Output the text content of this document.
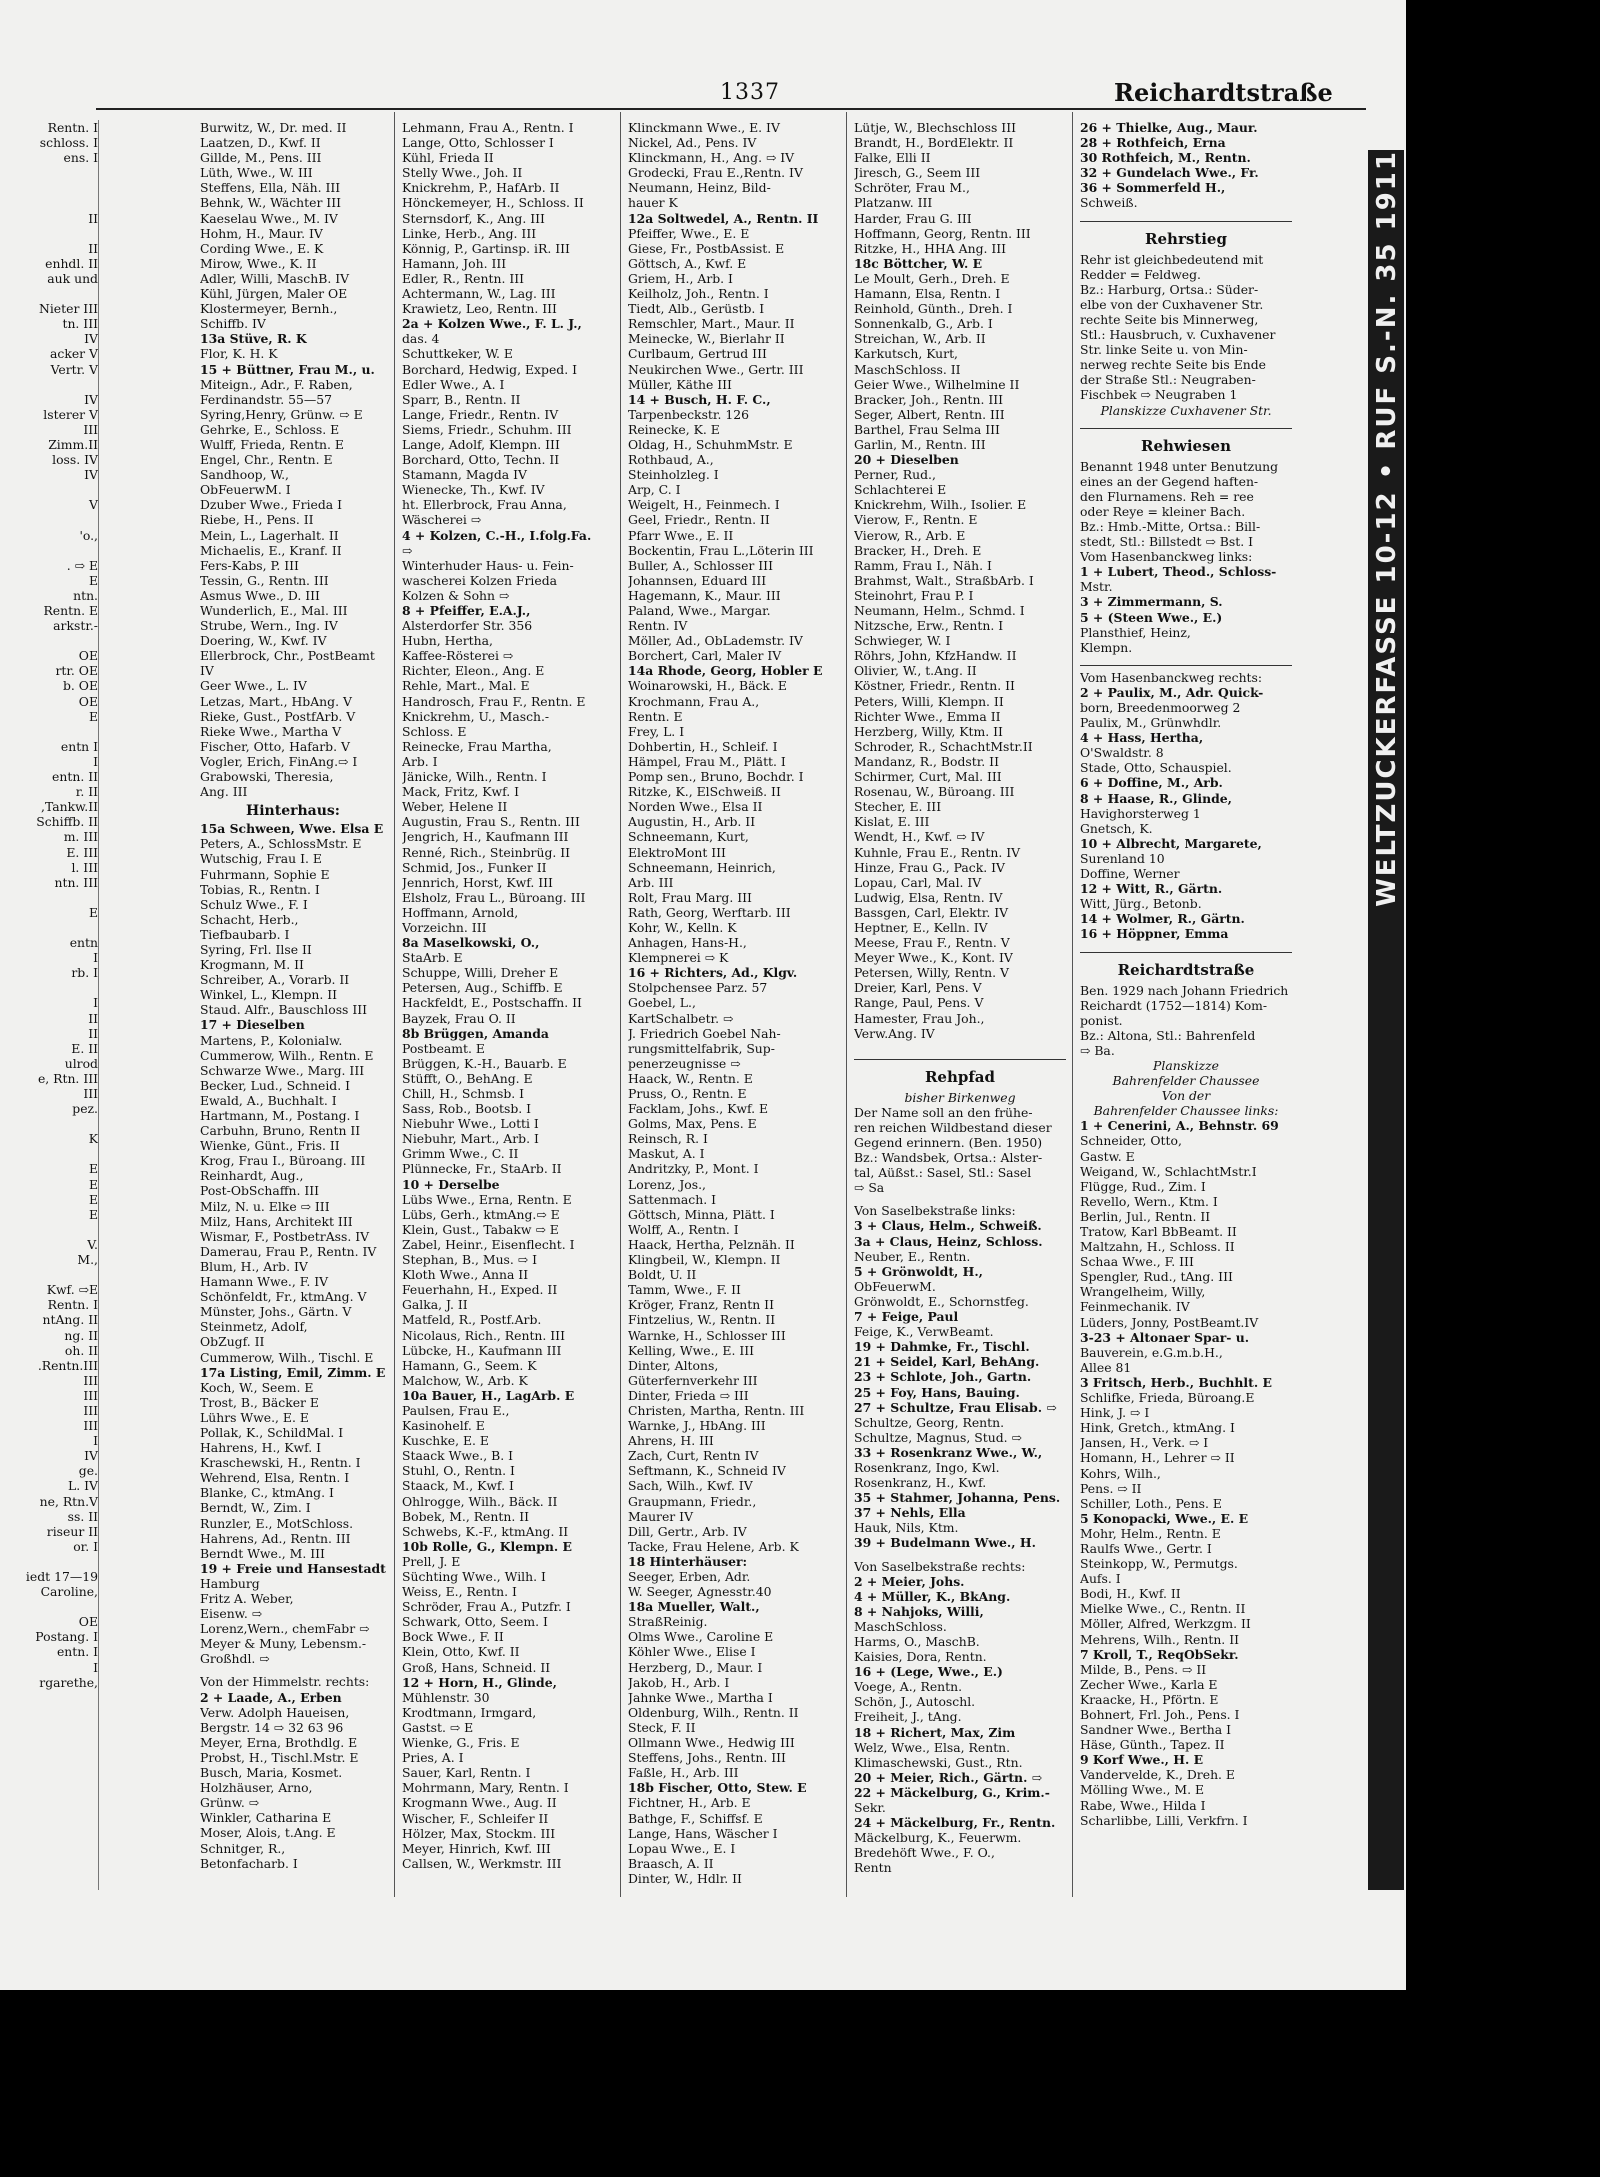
1337	Reichardtstraße
Rentn. I
schloss. I
ens. I

II

II
enhdl. II
auk und

Nieter III
tn. III
IV
acker V
Vertr. V

IV
lsterer V
III
Zimm.II
loss. IV
IV

V

'o.,

. ⇨ E
E
ntn.
Rentn. E
arkstr.-

OE
rtr. OE
b. OE
OE
E

entn I
I
entn. II
r. II
,Tankw.II
Schiffb. II
m. III
E. III
l. III
ntn. III

E

entn
I
rb. I

I
II
II
E. II
ulrod
e, Rtn. III
III
pez.

K

E
E
E
E

V.
M.,

Kwf. ⇨E
Rentn. I
ntAng. II
ng. II
oh. II
.Rentn.III
III
III
III
III
I
IV
ge.
L. IV
ne, Rtn.V
ss. II
riseur II
or. I

iedt 17—19
Caroline,

OE
Postang. I
entn. I
I
rgarethe,
Burwitz, W., Dr. med. II
Laatzen, D., Kwf. II
Gillde, M., Pens. III
Lüth, Wwe., W. III
Steffens, Ella, Näh. III
Behnk, W., Wächter III
Kaeselau Wwe., M. IV
Hohm, H., Maur. IV
Cording Wwe., E. K
Mirow, Wwe., K. II
Adler, Willi, MaschB. IV
Kühl, Jürgen, Maler OE
Klostermeyer, Bernh.,
Schiffb. IV
13a Stüve, R. K
Flor, K. H. K
15 + Büttner, Frau M., u.
Miteign., Adr., F. Raben,
Ferdinandstr. 55—57
Syring,Henry, Grünw. ⇨ E
Gehrke, E., Schloss. E
Wulff, Frieda, Rentn. E
Engel, Chr., Rentn. E
Sandhoop, W.,
ObFeuerwM. I
Dzuber Wwe., Frieda I
Riebe, H., Pens. II
Mein, L., Lagerhalt. II
Michaelis, E., Kranf. II
Fers-Kabs, P. III
Tessin, G., Rentn. III
Asmus Wwe., D. III
Wunderlich, E., Mal. III
Strube, Wern., Ing. IV
Doering, W., Kwf. IV
Ellerbrock, Chr., PostBeamt
IV
Geer Wwe., L. IV
Letzas, Mart., HbAng. V
Rieke, Gust., PostfArb. V
Rieke Wwe., Martha V
Fischer, Otto, Hafarb. V
Vogler, Erich, FinAng.⇨ I
Grabowski, Theresia,
Ang. III
Hinterhaus:
15a Schween, Wwe. Elsa E
Peters, A., SchlossMstr. E
Wutschig, Frau I. E
Fuhrmann, Sophie E
Tobias, R., Rentn. I
Schulz Wwe., F. I
Schacht, Herb.,
Tiefbaubarb. I
Syring, Frl. Ilse II
Krogmann, M. II
Schreiber, A., Vorarb. II
Winkel, L., Klempn. II
Staud. Alfr., Bauschloss III
17 + Dieselben
Martens, P., Kolonialw.
Cummerow, Wilh., Rentn. E
Schwarze Wwe., Marg. III
Becker, Lud., Schneid. I
Ewald, A., Buchhalt. I
Hartmann, M., Postang. I
Carbuhn, Bruno, Rentn II
Wienke, Günt., Fris. II
Krog, Frau I., Büroang. III
Reinhardt, Aug.,
Post-ObSchaffn. III
Milz, N. u. Elke ⇨ III
Milz, Hans, Architekt III
Wismar, F., PostbetrAss. IV
Damerau, Frau P., Rentn. IV
Blum, H., Arb. IV
Hamann Wwe., F. IV
Schönfeldt, Fr., ktmAng. V
Münster, Johs., Gärtn. V
Steinmetz, Adolf,
ObZugf. II
Cummerow, Wilh., Tischl. E
17a Listing, Emil, Zimm. E
Koch, W., Seem. E
Trost, B., Bäcker E
Lührs Wwe., E. E
Pollak, K., SchildMal. I
Hahrens, H., Kwf. I
Kraschewski, H., Rentn. I
Wehrend, Elsa, Rentn. I
Blanke, C., ktmAng. I
Berndt, W., Zim. I
Runzler, E., MotSchloss.
Hahrens, Ad., Rentn. III
Berndt Wwe., M. III
19 + Freie und Hansestadt
Hamburg
Fritz A. Weber,
Eisenw. ⇨
Lorenz,Wern., chemFabr ⇨
Meyer & Muny, Lebensm.-
Großhdl. ⇨
Von der Himmelstr. rechts:
2 + Laade, A., Erben
Verw. Adolph Haueisen,
Bergstr. 14 ⇨ 32 63 96
Meyer, Erna, Brothdlg. E
Probst, H., Tischl.Mstr. E
Busch, Maria, Kosmet.
Holzhäuser, Arno,
Grünw. ⇨
Winkler, Catharina E
Moser, Alois, t.Ang. E
Schnitger, R.,
Betonfacharb. I
Lehmann, Frau A., Rentn. I
Lange, Otto, Schlosser I
Kühl, Frieda II
Stelly Wwe., Joh. II
Knickrehm, P., HafArb. II
Hönckemeyer, H., Schloss. II
Sternsdorf, K., Ang. III
Linke, Herb., Ang. III
Könnig, P., Gartinsp. iR. III
Hamann, Joh. III
Edler, R., Rentn. III
Achtermann, W., Lag. III
Krawietz, Leo, Rentn. III
2a + Kolzen Wwe., F. L. J.,
das. 4
Schuttkeker, W. E
Borchard, Hedwig, Exped. I
Edler Wwe., A. I
Sparr, B., Rentn. II
Lange, Friedr., Rentn. IV
Siems, Friedr., Schuhm. III
Lange, Adolf, Klempn. III
Borchard, Otto, Techn. II
Stamann, Magda IV
Wienecke, Th., Kwf. IV
ht. Ellerbrock, Frau Anna,
Wäscherei ⇨
4 + Kolzen, C.-H., I.folg.Fa.
⇨
Winterhuder Haus- u. Fein-
wascherei Kolzen Frieda
Kolzen & Sohn ⇨
8 + Pfeiffer, E.A.J.,
Alsterdorfer Str. 356
Hubn, Hertha,
Kaffee-Rösterei ⇨
Richter, Eleon., Ang. E
Rehle, Mart., Mal. E
Handrosch, Frau F., Rentn. E
Knickrehm, U., Masch.-
Schloss. E
Reinecke, Frau Martha,
Arb. I
Jänicke, Wilh., Rentn. I
Mack, Fritz, Kwf. I
Weber, Helene II
Augustin, Frau S., Rentn. III
Jengrich, H., Kaufmann III
Renné, Rich., Steinbrüg. II
Schmid, Jos., Funker II
Jennrich, Horst, Kwf. III
Elsholz, Frau L., Büroang. III
Hoffmann, Arnold,
Vorzeichn. III
8a Maselkowski, O.,
StaArb. E
Schuppe, Willi, Dreher E
Petersen, Aug., Schiffb. E
Hackfeldt, E., Postschaffn. II
Bayzek, Frau O. II
8b Brüggen, Amanda
Postbeamt. E
Brüggen, K.-H., Bauarb. E
Stüfft, O., BehAng. E
Chill, H., Schmsb. I
Sass, Rob., Bootsb. I
Niebuhr Wwe., Lotti I
Niebuhr, Mart., Arb. I
Grimm Wwe., C. II
Plünnecke, Fr., StaArb. II
10 + Derselbe
Lübs Wwe., Erna, Rentn. E
Lübs, Gerh., ktmAng.⇨ E
Klein, Gust., Tabakw ⇨ E
Zabel, Heinr., Eisenflecht. I
Stephan, B., Mus. ⇨ I
Kloth Wwe., Anna II
Feuerhahn, H., Exped. II
Galka, J. II
Matfeld, R., Postf.Arb.
Nicolaus, Rich., Rentn. III
Lübcke, H., Kaufmann III
Hamann, G., Seem. K
Malchow, W., Arb. K
10a Bauer, H., LagArb. E
Paulsen, Frau E.,
Kasinohelf. E
Kuschke, E. E
Staack Wwe., B. I
Stuhl, O., Rentn. I
Staack, M., Kwf. I
Ohlrogge, Wilh., Bäck. II
Bobek, M., Rentn. II
Schwebs, K.-F., ktmAng. II
10b Rolle, G., Klempn. E
Prell, J. E
Süchting Wwe., Wilh. I
Weiss, E., Rentn. I
Schröder, Frau A., Putzfr. I
Schwark, Otto, Seem. I
Bock Wwe., F. II
Klein, Otto, Kwf. II
Groß, Hans, Schneid. II
12 + Horn, H., Glinde,
Mühlenstr. 30
Krodtmann, Irmgard,
Gastst. ⇨ E
Wienke, G., Fris. E
Pries, A. I
Sauer, Karl, Rentn. I
Mohrmann, Mary, Rentn. I
Krogmann Wwe., Aug. II
Wischer, F., Schleifer II
Hölzer, Max, Stockm. III
Meyer, Hinrich, Kwf. III
Callsen, W., Werkmstr. III
Klinckmann Wwe., E. IV
Nickel, Ad., Pens. IV
Klinckmann, H., Ang. ⇨ IV
Grodecki, Frau E.,Rentn. IV
Neumann, Heinz, Bild-
hauer K
12a Soltwedel, A., Rentn. II
Pfeiffer, Wwe., E. E
Giese, Fr., PostbAssist. E
Göttsch, A., Kwf. E
Griem, H., Arb. I
Keilholz, Joh., Rentn. I
Tiedt, Alb., Gerüstb. I
Remschler, Mart., Maur. II
Meinecke, W., Bierlahr II
Curlbaum, Gertrud III
Neukirchen Wwe., Gertr. III
Müller, Käthe III
14 + Busch, H. F. C.,
Tarpenbeckstr. 126
Reinecke, K. E
Oldag, H., SchuhmMstr. E
Rothbaud, A.,
Steinholzleg. I
Arp, C. I
Weigelt, H., Feinmech. I
Geel, Friedr., Rentn. II
Pfarr Wwe., E. II
Bockentin, Frau L.,Löterin III
Buller, A., Schlosser III
Johannsen, Eduard III
Hagemann, K., Maur. III
Paland, Wwe., Margar.
Rentn. IV
Möller, Ad., ObLademstr. IV
Borchert, Carl, Maler IV
14a Rhode, Georg, Hobler E
Woinarowski, H., Bäck. E
Krochmann, Frau A.,
Rentn. E
Frey, L. I
Dohbertin, H., Schleif. I
Hämpel, Frau M., Plätt. I
Pomp sen., Bruno, Bochdr. I
Ritzke, K., ElSchweiß. II
Norden Wwe., Elsa II
Augustin, H., Arb. II
Schneemann, Kurt,
ElektroMont III
Schneemann, Heinrich,
Arb. III
Rolt, Frau Marg. III
Rath, Georg, Werftarb. III
Kohr, W., Kelln. K
Anhagen, Hans-H.,
Klempnerei ⇨ K
16 + Richters, Ad., Klgv.
Stolpchensee Parz. 57
Goebel, L.,
KartSchalbetr. ⇨
J. Friedrich Goebel Nah-
rungsmittelfabrik, Sup-
penerzeugnisse ⇨
Haack, W., Rentn. E
Pruss, O., Rentn. E
Facklam, Johs., Kwf. E
Golms, Max, Pens. E
Reinsch, R. I
Maskut, A. I
Andritzky, P., Mont. I
Lorenz, Jos.,
Sattenmach. I
Göttsch, Minna, Plätt. I
Wolff, A., Rentn. I
Haack, Hertha, Pelznäh. II
Klingbeil, W., Klempn. II
Boldt, U. II
Tamm, Wwe., F. II
Kröger, Franz, Rentn II
Fintzelius, W., Rentn. II
Warnke, H., Schlosser III
Kelling, Wwe., E. III
Dinter, Altons,
Güterfernverkehr III
Dinter, Frieda ⇨ III
Christen, Martha, Rentn. III
Warnke, J., HbAng. III
Ahrens, H. III
Zach, Curt, Rentn IV
Seftmann, K., Schneid IV
Sach, Wilh., Kwf. IV
Graupmann, Friedr.,
Maurer IV
Dill, Gertr., Arb. IV
Tacke, Frau Helene, Arb. K
18 Hinterhäuser:
Seeger, Erben, Adr.
W. Seeger, Agnesstr.40
18a Mueller, Walt.,
StraßReinig.
Olms Wwe., Caroline E
Köhler Wwe., Elise I
Herzberg, D., Maur. I
Jakob, H., Arb. I
Jahnke Wwe., Martha I
Oldenburg, Wilh., Rentn. II
Steck, F. II
Ollmann Wwe., Hedwig III
Steffens, Johs., Rentn. III
Faßle, H., Arb. III
18b Fischer, Otto, Stew. E
Fichtner, H., Arb. E
Bathge, F., Schiffsf. E
Lange, Hans, Wäscher I
Lopau Wwe., E. I
Braasch, A. II
Dinter, W., Hdlr. II
Lütje, W., Blechschloss III
Brandt, H., BordElektr. II
Falke, Elli II
Jiresch, G., Seem III
Schröter, Frau M.,
Platzanw. III
Harder, Frau G. III
Hoffmann, Georg, Rentn. III
Ritzke, H., HHA Ang. III
18c Böttcher, W. E
Le Moult, Gerh., Dreh. E
Hamann, Elsa, Rentn. I
Reinhold, Günth., Dreh. I
Sonnenkalb, G., Arb. I
Streichan, W., Arb. II
Karkutsch, Kurt,
MaschSchloss. II
Geier Wwe., Wilhelmine II
Bracker, Joh., Rentn. III
Seger, Albert, Rentn. III
Barthel, Frau Selma III
Garlin, M., Rentn. III
20 + Dieselben
Perner, Rud.,
Schlachterei E
Knickrehm, Wilh., Isolier. E
Vierow, F., Rentn. E
Vierow, R., Arb. E
Bracker, H., Dreh. E
Ramm, Frau I., Näh. I
Brahmst, Walt., StraßbArb. I
Steinohrt, Frau P. I
Neumann, Helm., Schmd. I
Nitzsche, Erw., Rentn. I
Schwieger, W. I
Röhrs, John, KfzHandw. II
Olivier, W., t.Ang. II
Köstner, Friedr., Rentn. II
Peters, Willi, Klempn. II
Richter Wwe., Emma II
Herzberg, Willy, Ktm. II
Schroder, R., SchachtMstr.II
Mandanz, R., Bodstr. II
Schirmer, Curt, Mal. III
Rosenau, W., Büroang. III
Stecher, E. III
Kislat, E. III
Wendt, H., Kwf. ⇨ IV
Kuhnle, Frau E., Rentn. IV
Hinze, Frau G., Pack. IV
Lopau, Carl, Mal. IV
Ludwig, Elsa, Rentn. IV
Bassgen, Carl, Elektr. IV
Heptner, E., Kelln. IV
Meese, Frau F., Rentn. V
Meyer Wwe., K., Kont. IV
Petersen, Willy, Rentn. V
Dreier, Karl, Pens. V
Range, Paul, Pens. V
Hamester, Frau Joh.,
Verw.Ang. IV
Rehpfad
bisher Birkenweg
Der Name soll an den frühe-
ren reichen Wildbestand dieser
Gegend erinnern. (Ben. 1950)
Bz.: Wandsbek, Ortsa.: Alster-
tal, Aüßst.: Sasel, Stl.: Sasel
⇨ Sa
Von Saselbekstraße links:
3 + Claus, Helm., Schweiß.
3a + Claus, Heinz, Schloss.
Neuber, E., Rentn.
5 + Grönwoldt, H.,
ObFeuerwM.
Grönwoldt, E., Schornstfeg.
7 + Feige, Paul
Feige, K., VerwBeamt.
19 + Dahmke, Fr., Tischl.
21 + Seidel, Karl, BehAng.
23 + Schlote, Joh., Gartn.
25 + Foy, Hans, Bauing.
27 + Schultze, Frau Elisab. ⇨
Schultze, Georg, Rentn.
Schultze, Magnus, Stud. ⇨
33 + Rosenkranz Wwe., W.,
Rosenkranz, Ingo, Kwl.
Rosenkranz, H., Kwf.
35 + Stahmer, Johanna, Pens.
37 + Nehls, Ella
Hauk, Nils, Ktm.
39 + Budelmann Wwe., H.
Von Saselbekstraße rechts:
2 + Meier, Johs.
4 + Müller, K., BkAng.
8 + Nahjoks, Willi,
MaschSchloss.
Harms, O., MaschB.
Kaisies, Dora, Rentn.
16 + (Lege, Wwe., E.)
Voege, A., Rentn.
Schön, J., Autoschl.
Freiheit, J., tAng.
18 + Richert, Max, Zim
Welz, Wwe., Elsa, Rentn.
Klimaschewski, Gust., Rtn.
20 + Meier, Rich., Gärtn. ⇨
22 + Mäckelburg, G., Krim.-
Sekr.
24 + Mäckelburg, Fr., Rentn.
Mäckelburg, K., Feuerwm.
Bredehöft Wwe., F. O.,
Rentn
26 + Thielke, Aug., Maur.
28 + Rothfeich, Erna
30 Rothfeich, M., Rentn.
32 + Gundelach Wwe., Fr.
36 + Sommerfeld H.,
Schweiß.
Rehrstieg
Rehr ist gleichbedeutend mit
Redder = Feldweg.
Bz.: Harburg, Ortsa.: Süder-
elbe von der Cuxhavener Str.
rechte Seite bis Minnerweg,
Stl.: Hausbruch, v. Cuxhavener
Str. linke Seite u. von Min-
nerweg rechte Seite bis Ende
der Straße Stl.: Neugraben-
Fischbek ⇨ Neugraben 1
Planskizze Cuxhavener Str.
Rehwiesen
Benannt 1948 unter Benutzung
eines an der Gegend haften-
den Flurnamens. Reh = ree
oder Reye = kleiner Bach.
Bz.: Hmb.-Mitte, Ortsa.: Bill-
stedt, Stl.: Billstedt ⇨ Bst. I
Vom Hasenbanckweg links:
1 + Lubert, Theod., Schloss-
Mstr.
3 + Zimmermann, S.
5 + (Steen Wwe., E.)
Plansthief, Heinz,
Klempn.
Vom Hasenbanckweg rechts:
2 + Paulix, M., Adr. Quick-
born, Breedenmoorweg 2
Paulix, M., Grünwhdlr.
4 + Hass, Hertha,
O'Swaldstr. 8
Stade, Otto, Schauspiel.
6 + Doffine, M., Arb.
8 + Haase, R., Glinde,
Havighorsterweg 1
Gnetsch, K.
10 + Albrecht, Margarete,
Surenland 10
Doffine, Werner
12 + Witt, R., Gärtn.
Witt, Jürg., Betonb.
14 + Wolmer, R., Gärtn.
16 + Höppner, Emma
Reichardtstraße
Ben. 1929 nach Johann Friedrich
Reichardt (1752—1814) Kom-
ponist.
Bz.: Altona, Stl.: Bahrenfeld
⇨ Ba.
Planskizze
Bahrenfelder Chaussee
Von der
Bahrenfelder Chaussee links:
1 + Cenerini, A., Behnstr. 69
Schneider, Otto,
Gastw. E
Weigand, W., SchlachtMstr.I
Flügge, Rud., Zim. I
Revello, Wern., Ktm. I
Berlin, Jul., Rentn. II
Tratow, Karl BbBeamt. II
Maltzahn, H., Schloss. II
Schaa Wwe., F. III
Spengler, Rud., tAng. III
Wrangelheim, Willy,
Feinmechanik. IV
Lüders, Jonny, PostBeamt.IV
3-23 + Altonaer Spar- u.
Bauverein, e.G.m.b.H.,
Allee 81
3 Fritsch, Herb., Buchhlt. E
Schlifke, Frieda, Büroang.E
Hink, J. ⇨ I
Hink, Gretch., ktmAng. I
Jansen, H., Verk. ⇨ I
Homann, H., Lehrer ⇨ II
Kohrs, Wilh.,
Pens. ⇨ II
Schiller, Loth., Pens. E
5 Konopacki, Wwe., E. E
Mohr, Helm., Rentn. E
Raulfs Wwe., Gertr. I
Steinkopp, W., Permutgs.
Aufs. I
Bodi, H., Kwf. II
Mielke Wwe., C., Rentn. II
Möller, Alfred, Werkzgm. II
Mehrens, Wilh., Rentn. II
7 Kroll, T., ReqObSekr.
Milde, B., Pens. ⇨ II
Zecher Wwe., Karla E
Kraacke, H., Pförtn. E
Bohnert, Frl. Joh., Pens. I
Sandner Wwe., Bertha I
Häse, Günth., Tapez. II
9 Korf Wwe., H. E
Vandervelde, K., Dreh. E
Mölling Wwe., M. E
Rabe, Wwe., Hilda I
Scharlibbe, Lilli, Verkfrn. I
WELTZUCKERFASSE 10-12 • RUF S.-N. 35 1911
